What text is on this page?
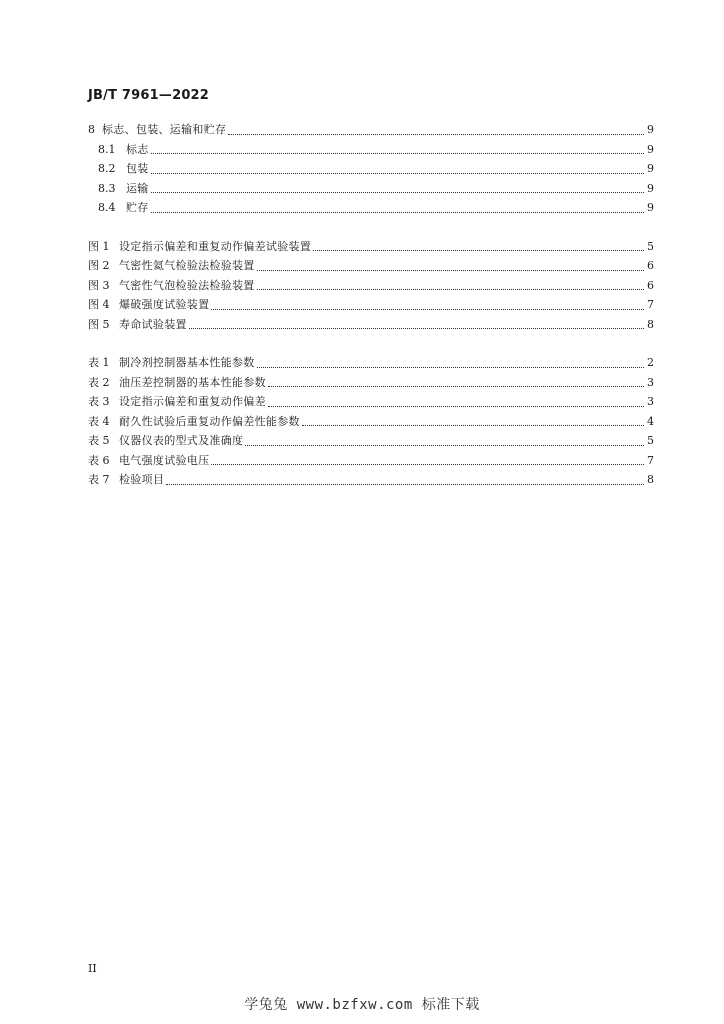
JB/T 7961—2022
8 标志、包装、运输和贮存	9
8.1 标志	9
8.2 包装	9
8.3 运输	9
8.4 贮存	9
图 1 设定指示偏差和重复动作偏差试验装置	5
图 2 气密性氦气检验法检验装置	6
图 3 气密性气泡检验法检验装置	6
图 4 爆破强度试验装置	7
图 5 寿命试验装置	8
表 1 制冷剂控制器基本性能参数	2
表 2 油压差控制器的基本性能参数	3
表 3 设定指示偏差和重复动作偏差	3
表 4 耐久性试验后重复动作偏差性能参数	4
表 5 仪器仪表的型式及准确度	5
表 6 电气强度试验电压	7
表 7 检验项目	8
II
学兔兔 www.bzfxw.com 标准下载
